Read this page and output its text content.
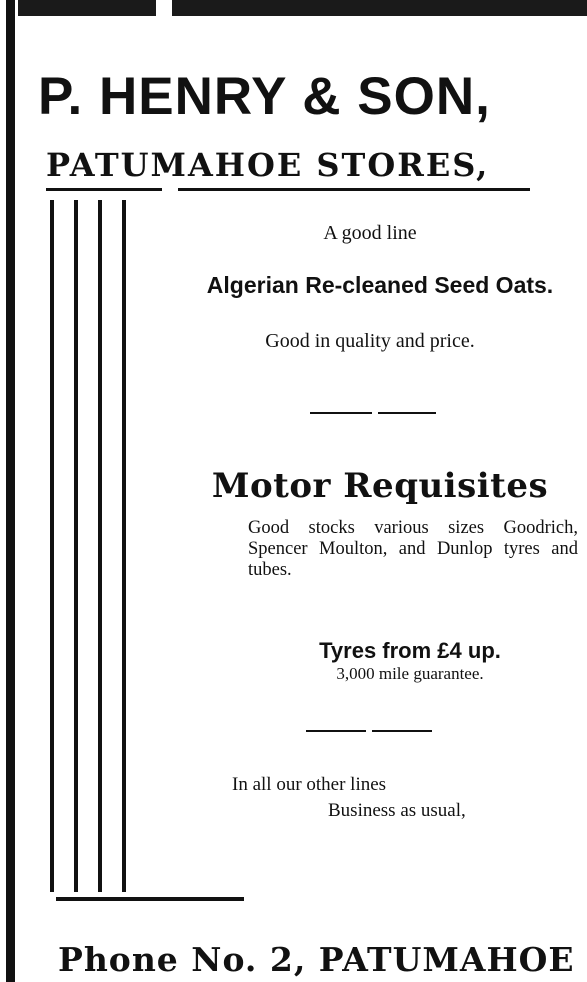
P. HENRY & SON,
PATUMAHOE STORES,
A good line
Algerian Re-cleaned Seed Oats.
Good in quality and price.
Motor Requisites
Good stocks various sizes Goodrich, Spencer Moulton, and Dunlop tyres and tubes.
Tyres from £4 up.
3,000 mile guarantee.
In all our other lines
Business as usual,
Phone No. 2, PATUMAHOE
